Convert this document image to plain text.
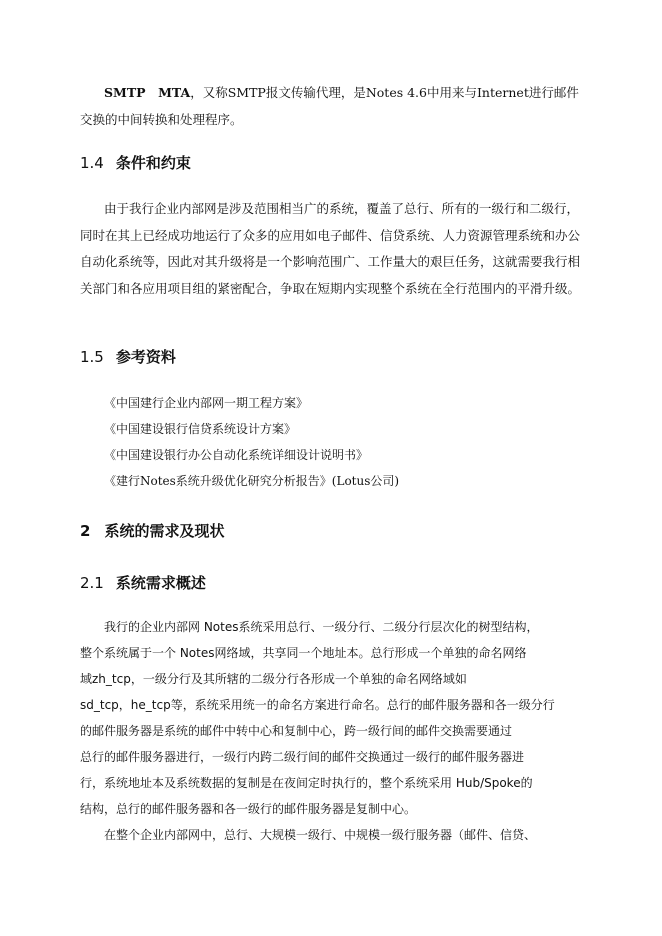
SMTP　MTA，又称SMTP报文传输代理，是Notes 4.6中用来与Internet进行邮件交换的中间转换和处理程序。

1.4 条件和约束

由于我行企业内部网是涉及范围相当广的系统，覆盖了总行、所有的一级行和二级行，同时在其上已经成功地运行了众多的应用如电子邮件、信贷系统、人力资源管理系统和办公自动化系统等，因此对其升级将是一个影响范围广、工作量大的艰巨任务，这就需要我行相关部门和各应用项目组的紧密配合，争取在短期内实现整个系统在全行范围内的平滑升级。

1.5 参考资料

《中国建行企业内部网一期工程方案》

《中国建设银行信贷系统设计方案》

《中国建设银行办公自动化系统详细设计说明书》

《建行Notes系统升级优化研究分析报告》(Lotus公司)

2 系统的需求及现状
2.1 系统需求概述
我行的企业内部网 Notes系统采用总行、一级分行、二级分行层次化的树型结构，
整个系统属于一个 Notes网络域，共享同一个地址本。总行形成一个单独的命名网络
域zh_tcp，一级分行及其所辖的二级分行各形成一个单独的命名网络域如
sd_tcp，he_tcp等，系统采用统一的命名方案进行命名。总行的邮件服务器和各一级分行
的邮件服务器是系统的邮件中转中心和复制中心，跨一级行间的邮件交换需要通过
总行的邮件服务器进行，一级行内跨二级行间的邮件交换通过一级行的邮件服务器进
行，系统地址本及系统数据的复制是在夜间定时执行的，整个系统采用 Hub/Spoke的
结构，总行的邮件服务器和各一级行的邮件服务器是复制中心。
在整个企业内部网中，总行、大规模一级行、中规模一级行服务器（邮件、信贷、
